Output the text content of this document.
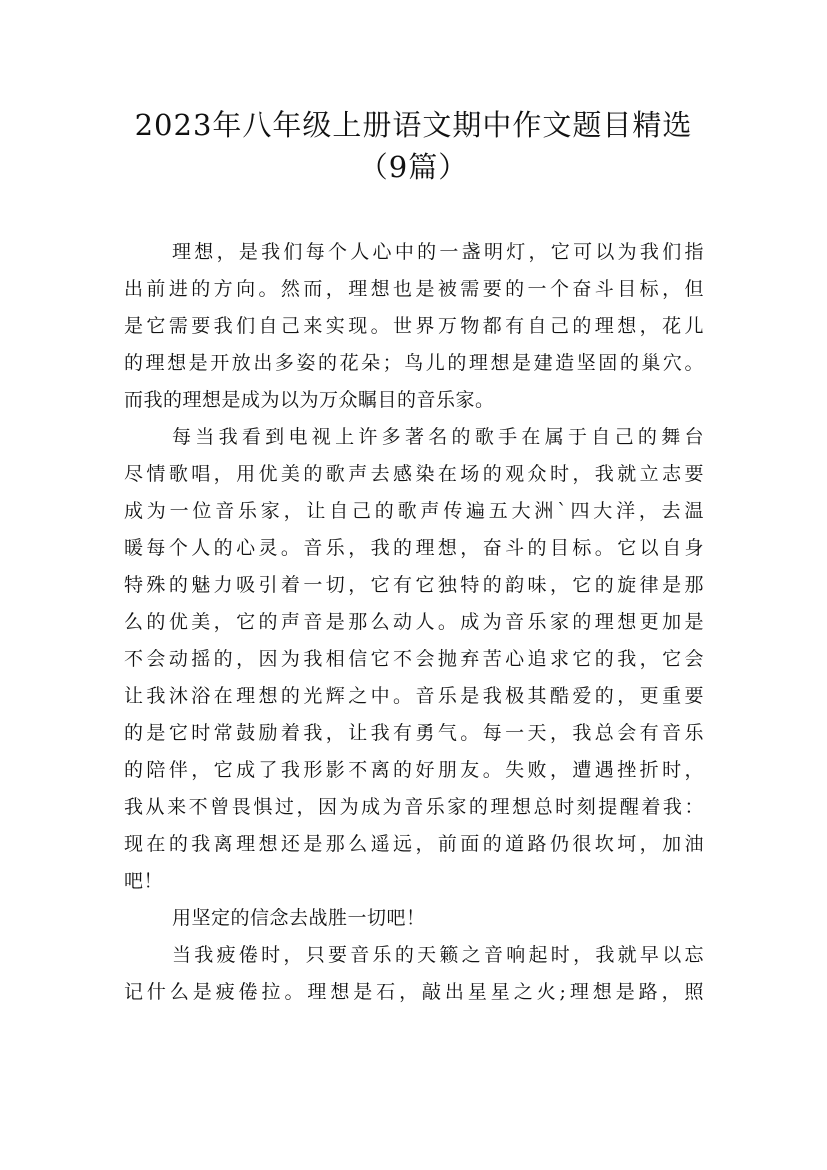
2023年八年级上册语文期中作文题目精选
（9篇）
理想，是我们每个人心中的一盏明灯，它可以为我们指
出前进的方向。然而，理想也是被需要的一个奋斗目标，但
是它需要我们自己来实现。世界万物都有自己的理想，花儿
的理想是开放出多姿的花朵；鸟儿的理想是建造坚固的巢穴。
而我的理想是成为以为万众瞩目的音乐家。
每当我看到电视上许多著名的歌手在属于自己的舞台
尽情歌唱，用优美的歌声去感染在场的观众时，我就立志要
成为一位音乐家，让自己的歌声传遍五大洲`四大洋，去温
暖每个人的心灵。音乐，我的理想，奋斗的目标。它以自身
特殊的魅力吸引着一切，它有它独特的韵味，它的旋律是那
么的优美，它的声音是那么动人。成为音乐家的理想更加是
不会动摇的，因为我相信它不会抛弃苦心追求它的我，它会
让我沐浴在理想的光辉之中。音乐是我极其酷爱的，更重要
的是它时常鼓励着我，让我有勇气。每一天，我总会有音乐
的陪伴，它成了我形影不离的好朋友。失败，遭遇挫折时，
我从来不曾畏惧过，因为成为音乐家的理想总时刻提醒着我：
现在的我离理想还是那么遥远，前面的道路仍很坎坷，加油
吧！
用坚定的信念去战胜一切吧！
当我疲倦时，只要音乐的天籁之音响起时，我就早以忘
记什么是疲倦拉。理想是石，敲出星星之火;理想是路，照
